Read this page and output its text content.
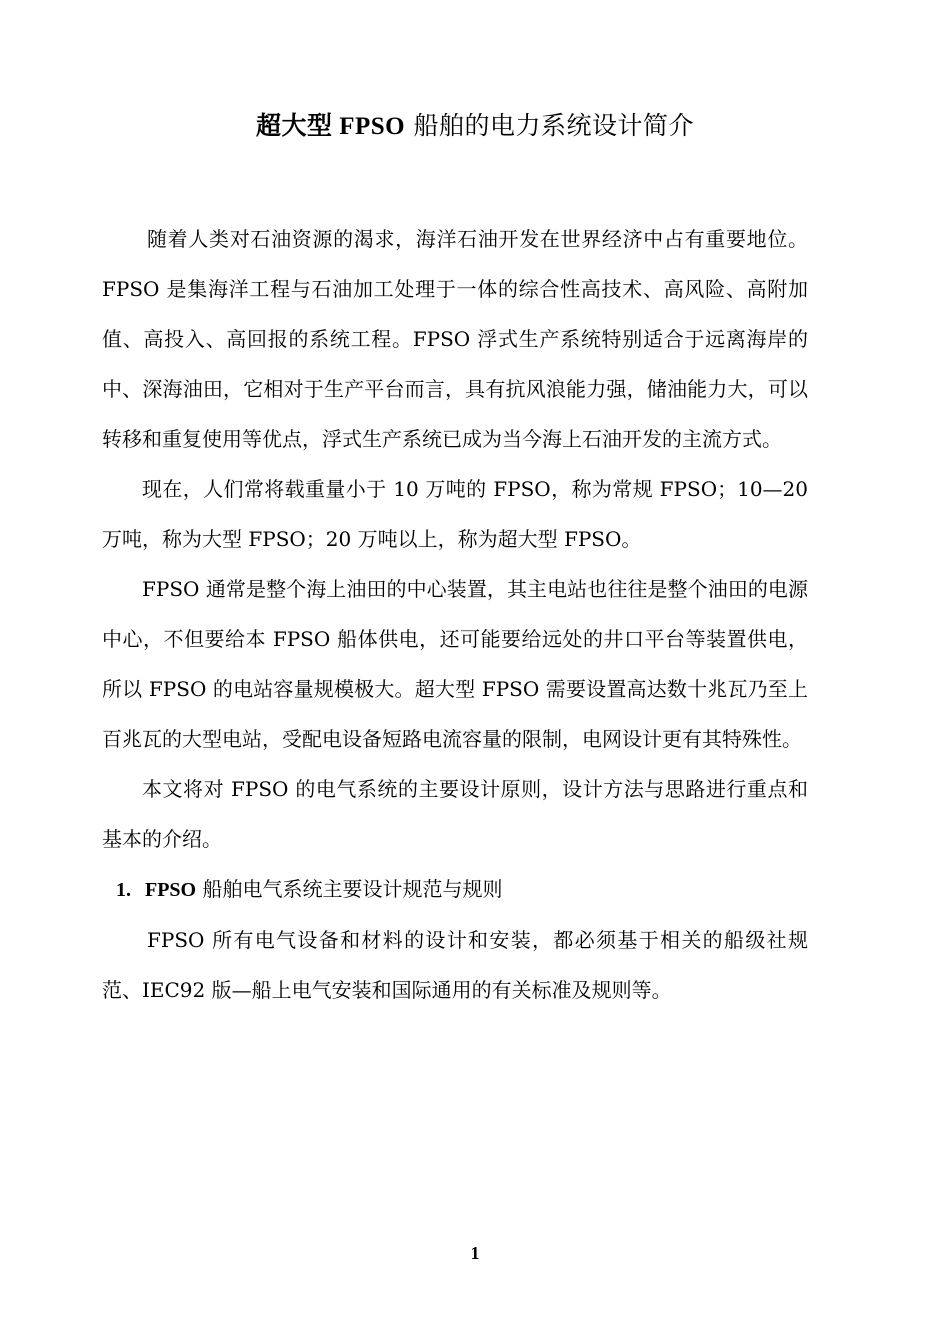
超大型 FPSO 船舶的电力系统设计简介

随着人类对石油资源的渴求，海洋石油开发在世界经济中占有重要地位。FPSO 是集海洋工程与石油加工处理于一体的综合性高技术、高风险、高附加值、高投入、高回报的系统工程。FPSO 浮式生产系统特别适合于远离海岸的中、深海油田，它相对于生产平台而言，具有抗风浪能力强，储油能力大，可以转移和重复使用等优点，浮式生产系统已成为当今海上石油开发的主流方式。

现在，人们常将载重量小于 10 万吨的 FPSO，称为常规 FPSO；10—20 万吨，称为大型 FPSO；20 万吨以上，称为超大型 FPSO。

FPSO 通常是整个海上油田的中心装置，其主电站也往往是整个油田的电源中心，不但要给本 FPSO 船体供电，还可能要给远处的井口平台等装置供电，所以 FPSO 的电站容量规模极大。超大型 FPSO 需要设置高达数十兆瓦乃至上百兆瓦的大型电站，受配电设备短路电流容量的限制，电网设计更有其特殊性。

本文将对 FPSO 的电气系统的主要设计原则，设计方法与思路进行重点和基本的介绍。

1. FPSO 船舶电气系统主要设计规范与规则

FPSO 所有电气设备和材料的设计和安装，都必须基于相关的船级社规范、IEC92 版—船上电气安装和国际通用的有关标准及规则等。

1
